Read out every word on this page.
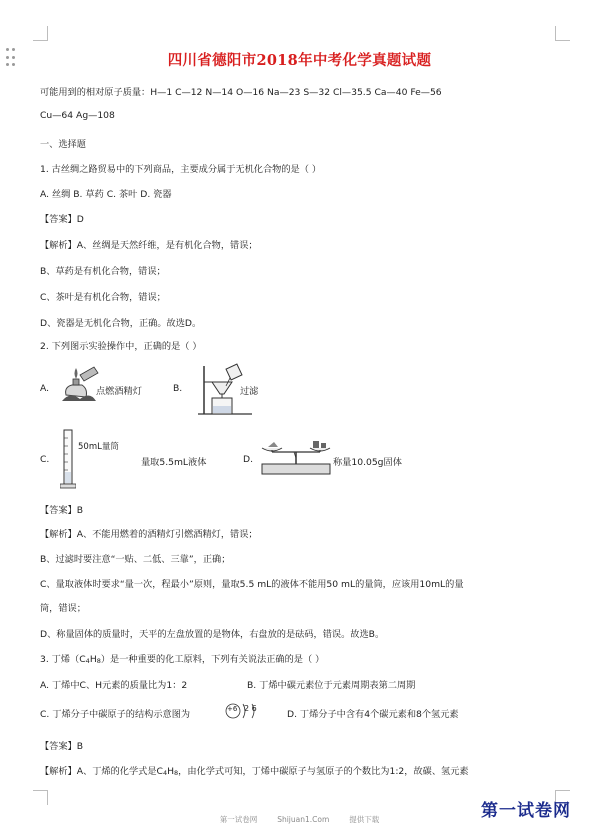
四川省德阳市2018年中考化学真题试题
可能用到的相对原子质量：H—1 C—12 N—14 O—16 Na—23 S—32 Cl—35.5 Ca—40 Fe—56
Cu—64 Ag—108
一、选择题
1. 古丝绸之路贸易中的下列商品，主要成分属于无机化合物的是（ ）
A. 丝绸 B. 草药 C. 茶叶 D. 瓷器
【答案】D
【解析】A、丝绸是天然纤维，是有机化合物，错误；
B、草药是有机化合物，错误；
C、茶叶是有机化合物，错误；
D、瓷器是无机化合物，正确。故选D。
2. 下列图示实验操作中，正确的是（ ）
A.	点燃酒精灯	B.	过滤
C.
50mL量筒
量取5.5mL液体	D.	称量10.05g固体
【答案】B
【解析】A、不能用燃着的酒精灯引燃酒精灯，错误；
B、过滤时要注意“一贴、二低、三靠”，正确；
C、量取液体时要求“量一次，程最小”原则，量取5.5 mL的液体不能用50 mL的量筒，应该用10mL的量
筒，错误；
D、称量固体的质量时，天平的左盘放置的是物体，右盘放的是砝码，错误。故选B。
3. 丁烯（C4H8）是一种重要的化工原料，下列有关说法正确的是（ ）
A. 丁烯中C、H元素的质量比为1：2	B. 丁烯中碳元素位于元素周期表第二周期
C. 丁烯分子中碳原子的结构示意图为	+6 2 6
D. 丁烯分子中含有4个碳元素和8个氢元素
【答案】B
【解析】A、丁烯的化学式是C4H8，由化学式可知，丁烯中碳原子与氢原子的个数比为1:2，故碳、氢元素
第一试卷网
第一试卷网	Shijuan1.Com	提供下载
